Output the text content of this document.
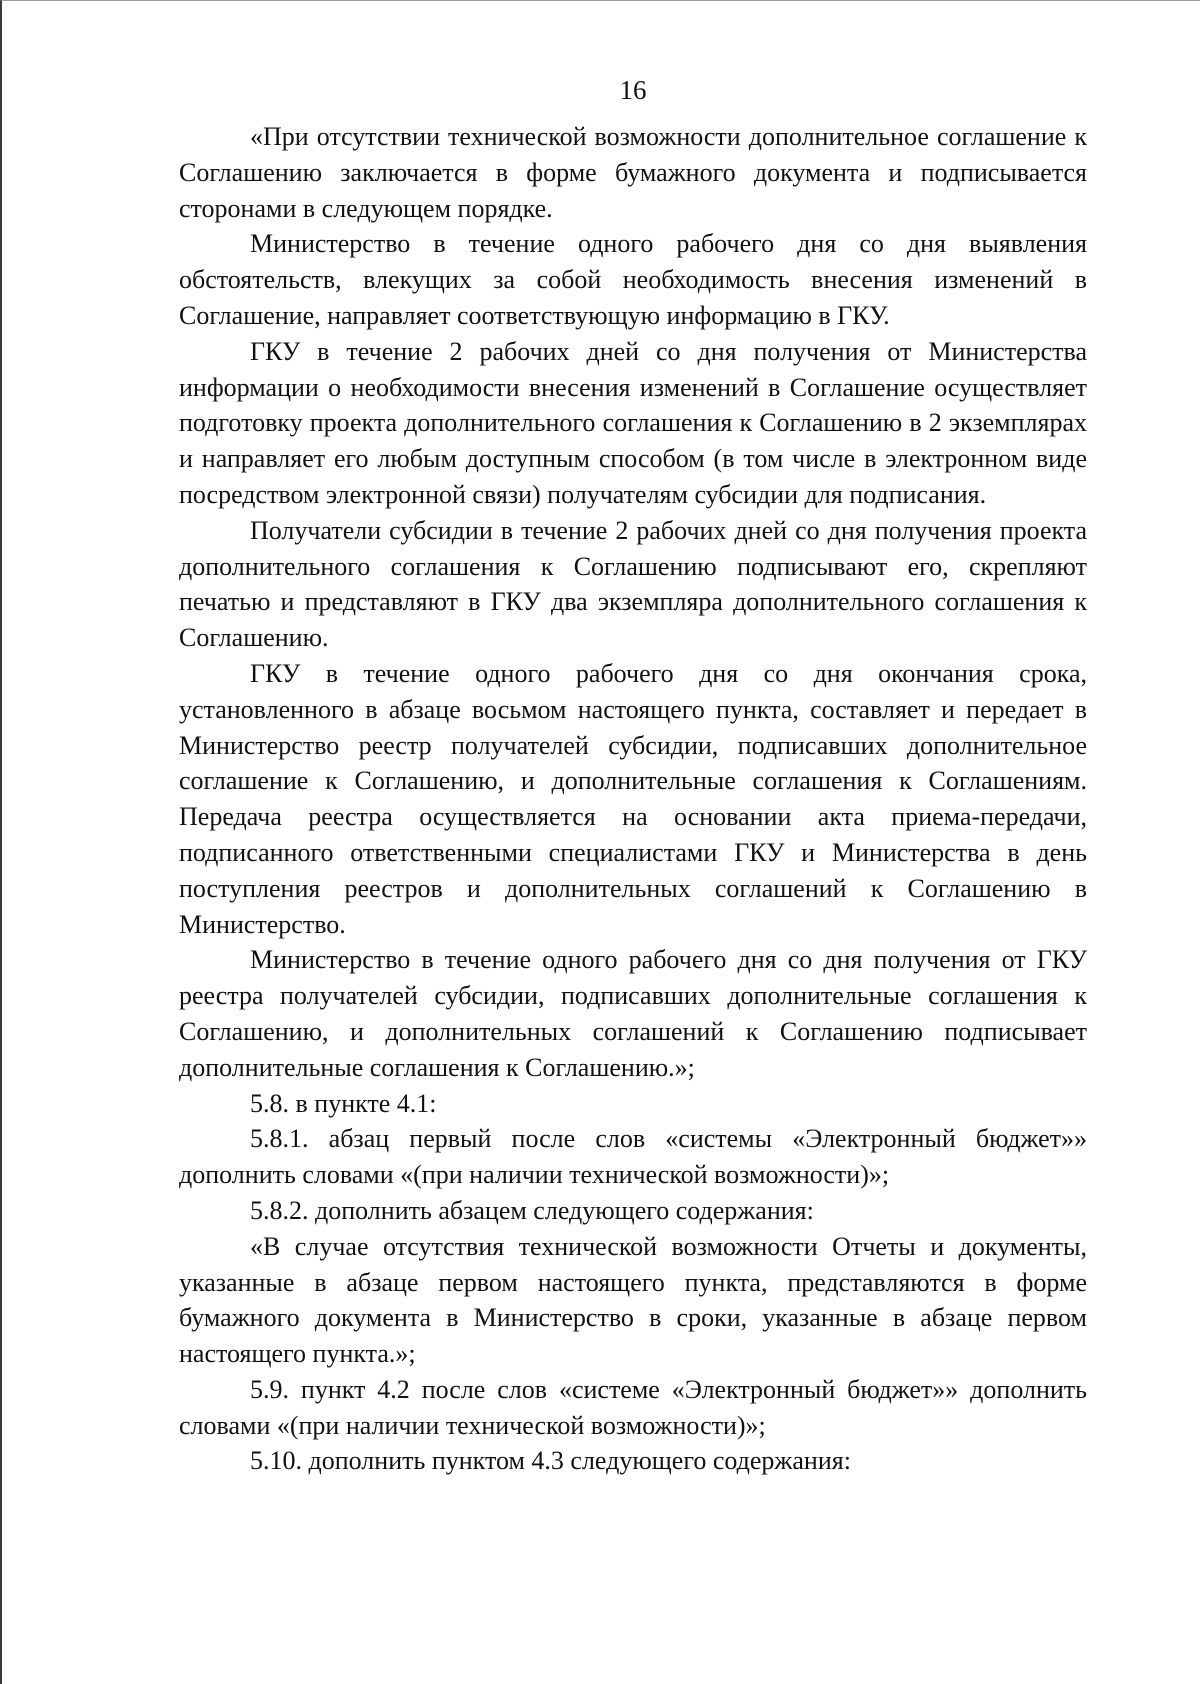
16

«При отсутствии технической возможности дополнительное соглашение к Соглашению заключается в форме бумажного документа и подписывается сторонами в следующем порядке.

Министерство в течение одного рабочего дня со дня выявления обстоятельств, влекущих за собой необходимость внесения изменений в Соглашение, направляет соответствующую информацию в ГКУ.

ГКУ в течение 2 рабочих дней со дня получения от Министерства информации о необходимости внесения изменений в Соглашение осуществляет подготовку проекта дополнительного соглашения к Соглашению в 2 экземплярах и направляет его любым доступным способом (в том числе в электронном виде посредством электронной связи) получателям субсидии для подписания.

Получатели субсидии в течение 2 рабочих дней со дня получения проекта дополнительного соглашения к Соглашению подписывают его, скрепляют печатью и представляют в ГКУ два экземпляра дополнительного соглашения к Соглашению.

ГКУ в течение одного рабочего дня со дня окончания срока, установленного в абзаце восьмом настоящего пункта, составляет и передает в Министерство реестр получателей субсидии, подписавших дополнительное соглашение к Соглашению, и дополнительные соглашения к Соглашениям. Передача реестра осуществляется на основании акта приема-передачи, подписанного ответственными специалистами ГКУ и Министерства в день поступления реестров и дополнительных соглашений к Соглашению в Министерство.

Министерство в течение одного рабочего дня со дня получения от ГКУ реестра получателей субсидии, подписавших дополнительные соглашения к Соглашению, и дополнительных соглашений к Соглашению подписывает дополнительные соглашения к Соглашению.»;

5.8. в пункте 4.1:

5.8.1. абзац первый после слов «системы «Электронный бюджет»» дополнить словами «(при наличии технической возможности)»;

5.8.2. дополнить абзацем следующего содержания:

«В случае отсутствия технической возможности Отчеты и документы, указанные в абзаце первом настоящего пункта, представляются в форме бумажного документа в Министерство в сроки, указанные в абзаце первом настоящего пункта.»;

5.9. пункт 4.2 после слов «системе «Электронный бюджет»» дополнить словами «(при наличии технической возможности)»;

5.10. дополнить пунктом 4.3 следующего содержания:
